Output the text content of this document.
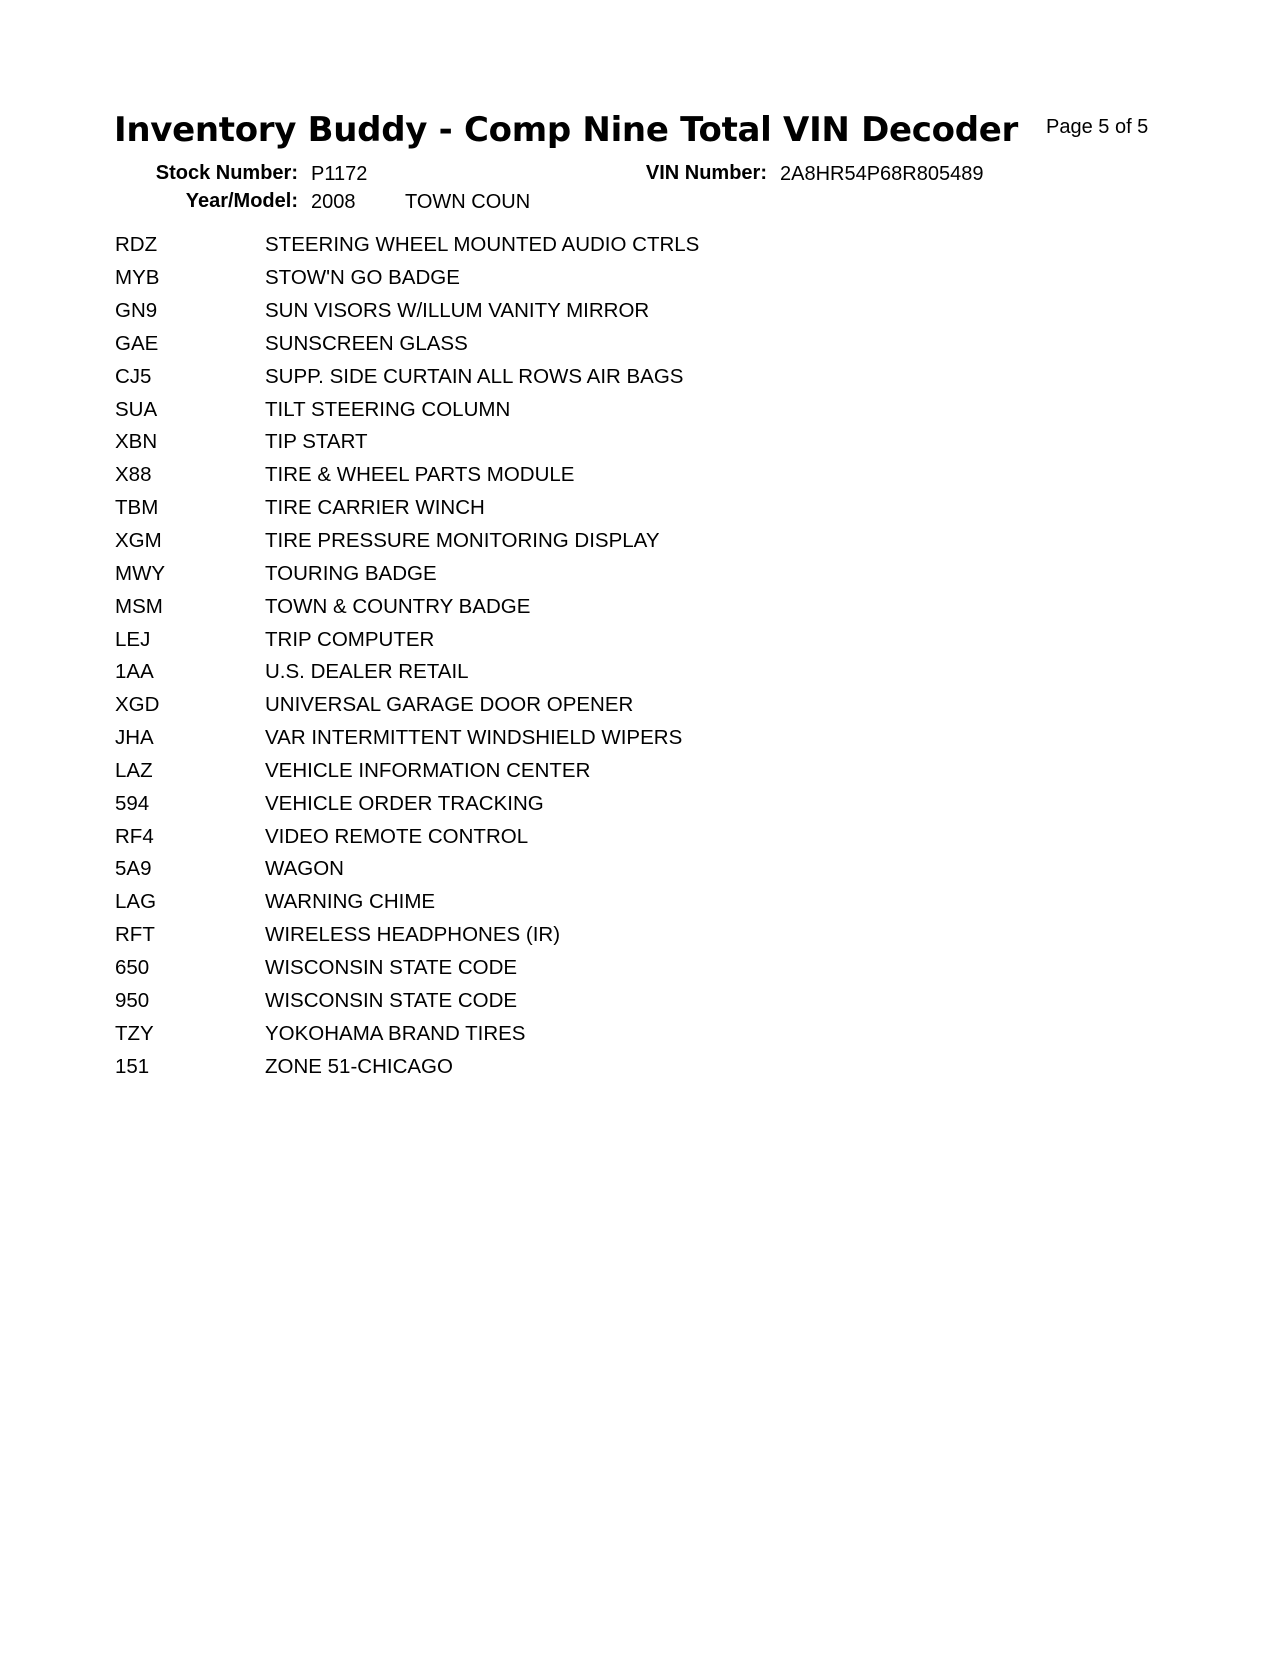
Inventory Buddy - Comp Nine Total VIN Decoder Page 5 of 5
Stock Number: P1172	VIN Number: 2A8HR54P68R805489
Year/Model: 2008 TOWN COUN
RDZ	STEERING WHEEL MOUNTED AUDIO CTRLS
MYB	STOW'N GO BADGE
GN9	SUN VISORS W/ILLUM VANITY MIRROR
GAE	SUNSCREEN GLASS
CJ5	SUPP. SIDE CURTAIN ALL ROWS AIR BAGS
SUA	TILT STEERING COLUMN
XBN	TIP START
X88	TIRE & WHEEL PARTS MODULE
TBM	TIRE CARRIER WINCH
XGM	TIRE PRESSURE MONITORING DISPLAY
MWY	TOURING BADGE
MSM	TOWN & COUNTRY BADGE
LEJ	TRIP COMPUTER
1AA	U.S. DEALER RETAIL
XGD	UNIVERSAL GARAGE DOOR OPENER
JHA	VAR INTERMITTENT WINDSHIELD WIPERS
LAZ	VEHICLE INFORMATION CENTER
594	VEHICLE ORDER TRACKING
RF4	VIDEO REMOTE CONTROL
5A9	WAGON
LAG	WARNING CHIME
RFT	WIRELESS HEADPHONES (IR)
650	WISCONSIN STATE CODE
950	WISCONSIN STATE CODE
TZY	YOKOHAMA BRAND TIRES
151	ZONE 51-CHICAGO
